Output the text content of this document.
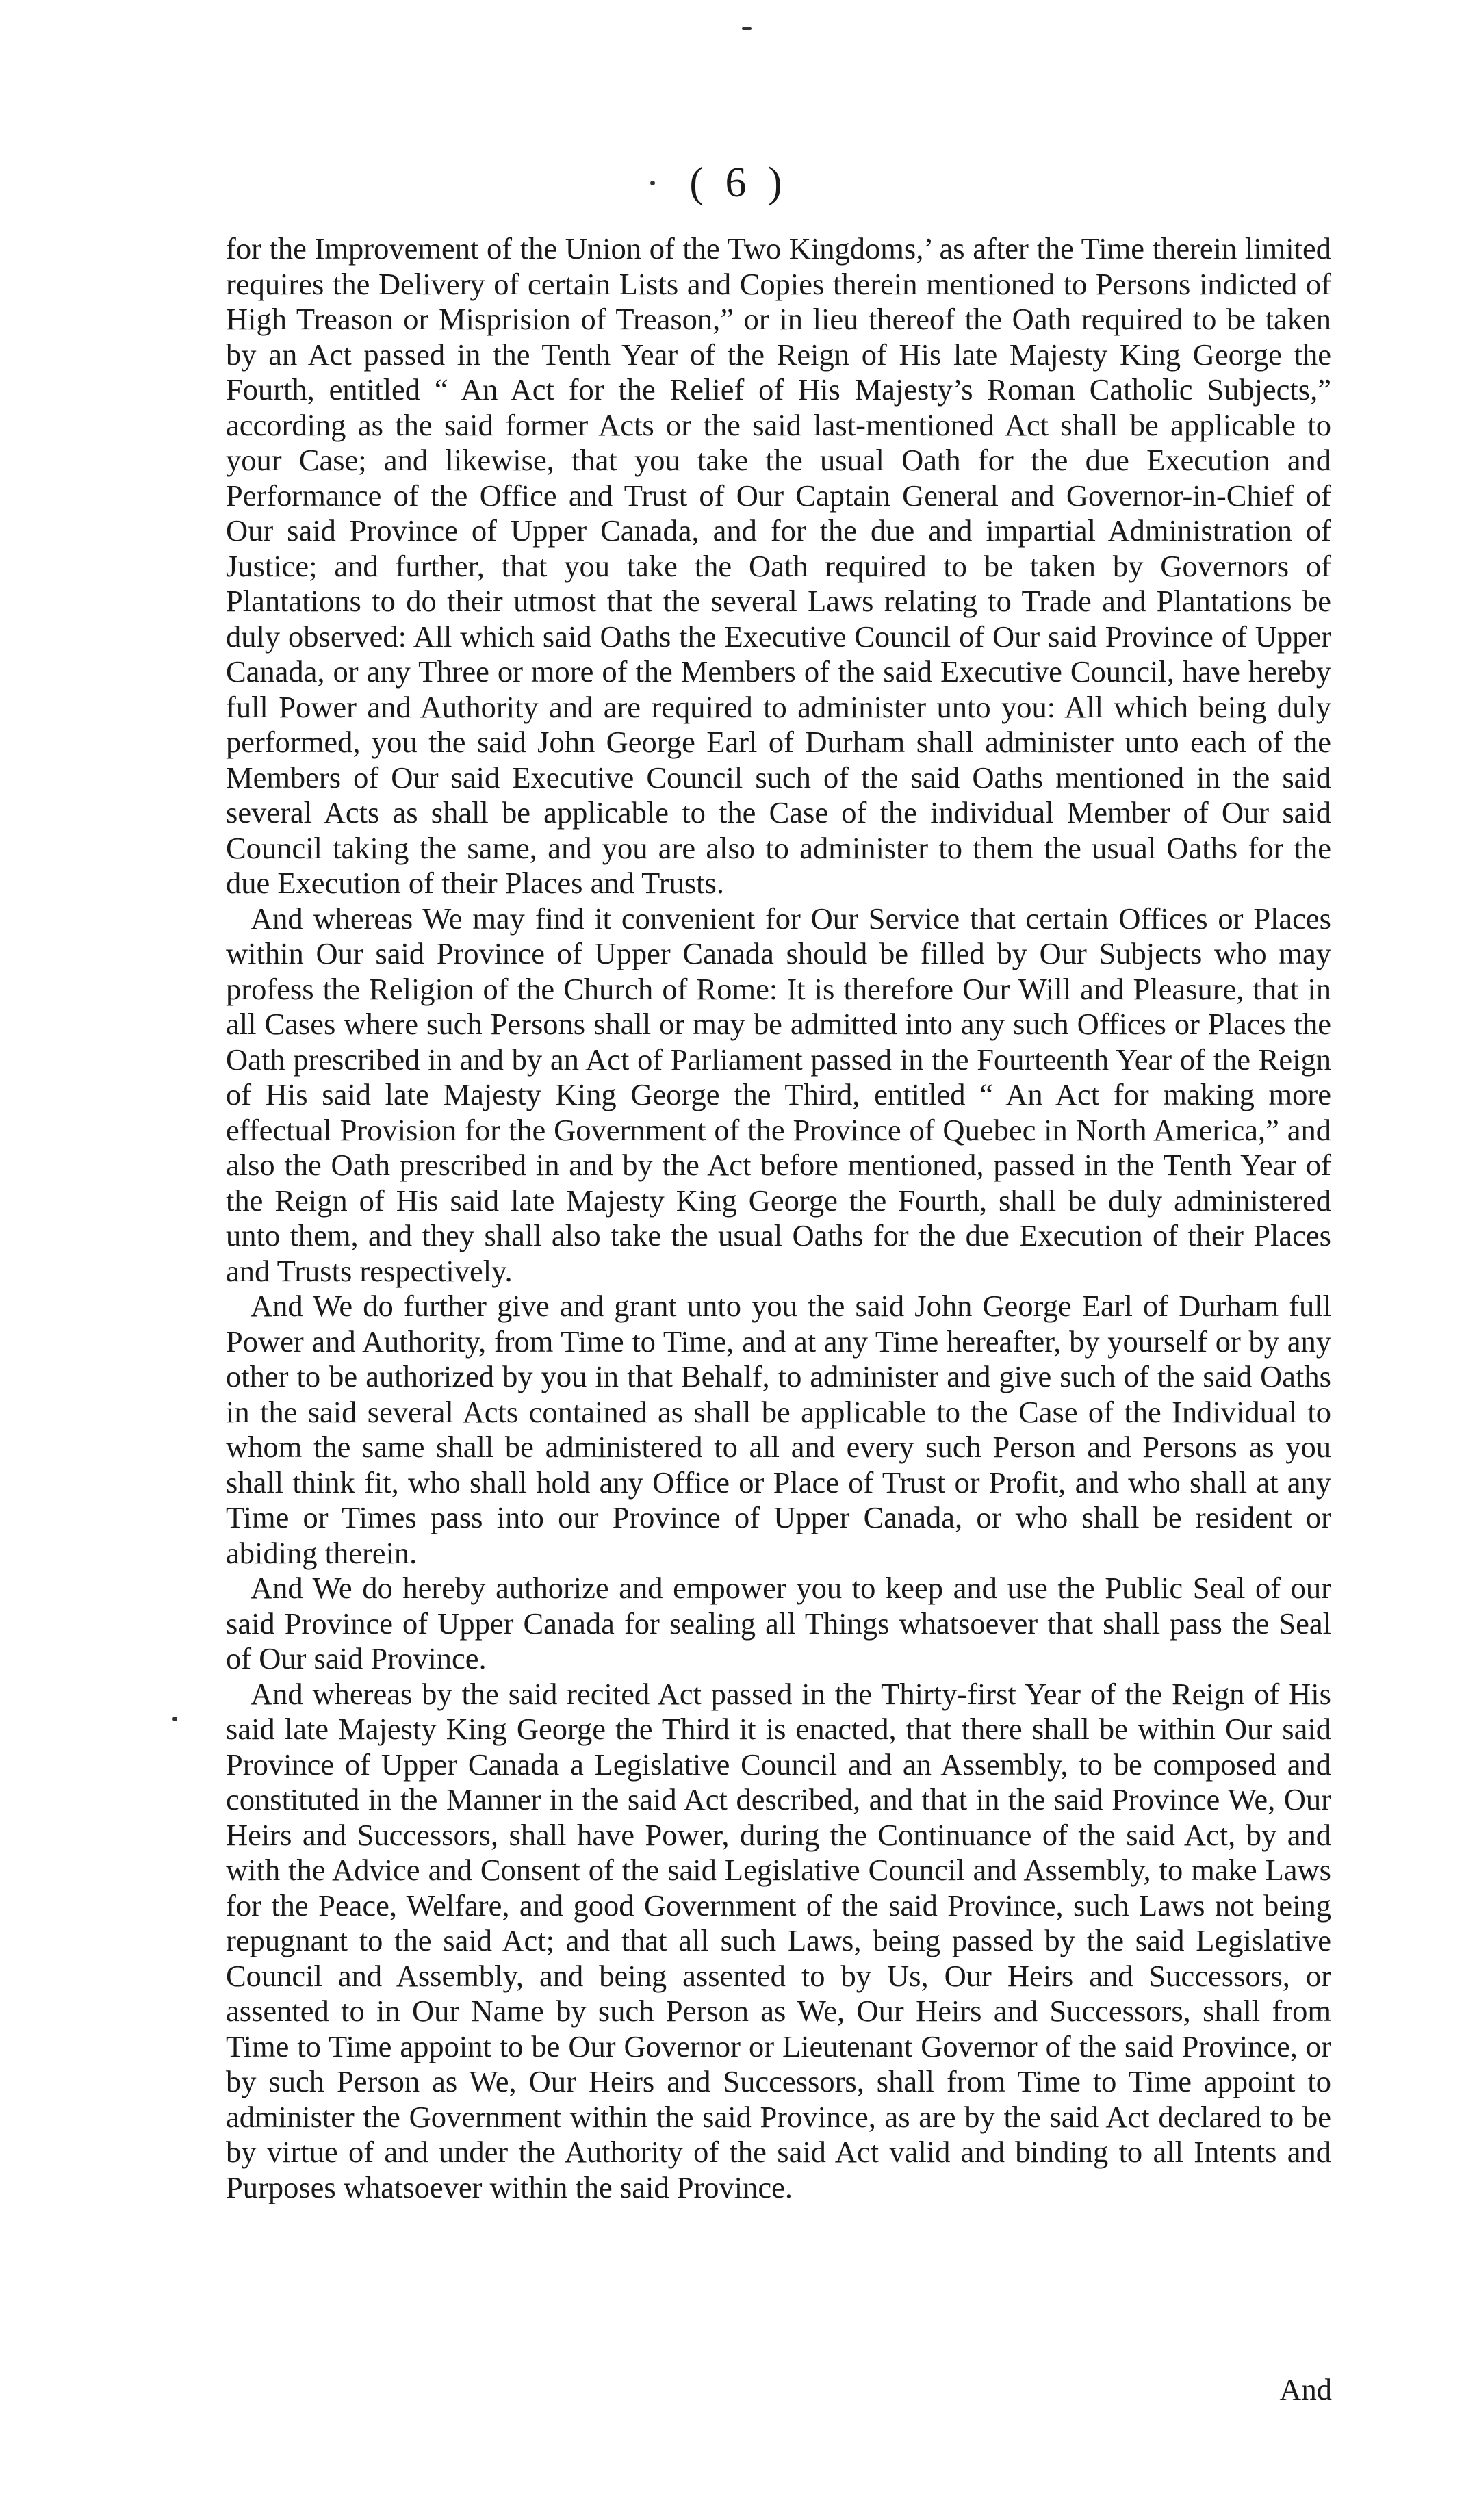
( 6 )

for the Improvement of the Union of the Two Kingdoms,’ as after the Time therein limited requires the Delivery of certain Lists and Copies therein mentioned to Persons indicted of High Treason or Misprision of Treason,” or in lieu thereof the Oath required to be taken by an Act passed in the Tenth Year of the Reign of His late Majesty King George the Fourth, entitled “ An Act for the Relief of His Majesty’s Roman Catholic Subjects,” according as the said former Acts or the said last-mentioned Act shall be applicable to your Case; and likewise, that you take the usual Oath for the due Execution and Performance of the Office and Trust of Our Captain General and Governor-in-Chief of Our said Province of Upper Canada, and for the due and impartial Administration of Justice; and further, that you take the Oath required to be taken by Governors of Plantations to do their utmost that the several Laws relating to Trade and Plantations be duly observed: All which said Oaths the Executive Council of Our said Province of Upper Canada, or any Three or more of the Members of the said Executive Council, have hereby full Power and Authority and are required to administer unto you: All which being duly performed, you the said John George Earl of Durham shall administer unto each of the Members of Our said Executive Council such of the said Oaths mentioned in the said several Acts as shall be applicable to the Case of the individual Member of Our said Council taking the same, and you are also to administer to them the usual Oaths for the due Execution of their Places and Trusts.

And whereas We may find it convenient for Our Service that certain Offices or Places within Our said Province of Upper Canada should be filled by Our Subjects who may profess the Religion of the Church of Rome: It is therefore Our Will and Pleasure, that in all Cases where such Persons shall or may be admitted into any such Offices or Places the Oath prescribed in and by an Act of Parliament passed in the Fourteenth Year of the Reign of His said late Majesty King George the Third, entitled “ An Act for making more effectual Provision for the Government of the Province of Quebec in North America,” and also the Oath prescribed in and by the Act before mentioned, passed in the Tenth Year of the Reign of His said late Majesty King George the Fourth, shall be duly administered unto them, and they shall also take the usual Oaths for the due Execution of their Places and Trusts respectively.

And We do further give and grant unto you the said John George Earl of Durham full Power and Authority, from Time to Time, and at any Time hereafter, by yourself or by any other to be authorized by you in that Behalf, to administer and give such of the said Oaths in the said several Acts contained as shall be applicable to the Case of the Individual to whom the same shall be administered to all and every such Person and Persons as you shall think fit, who shall hold any Office or Place of Trust or Profit, and who shall at any Time or Times pass into our Province of Upper Canada, or who shall be resident or abiding therein.

And We do hereby authorize and empower you to keep and use the Public Seal of our said Province of Upper Canada for sealing all Things whatsoever that shall pass the Seal of Our said Province.

And whereas by the said recited Act passed in the Thirty-first Year of the Reign of His said late Majesty King George the Third it is enacted, that there shall be within Our said Province of Upper Canada a Legislative Council and an Assembly, to be composed and constituted in the Manner in the said Act described, and that in the said Province We, Our Heirs and Successors, shall have Power, during the Continuance of the said Act, by and with the Advice and Consent of the said Legislative Council and Assembly, to make Laws for the Peace, Welfare, and good Government of the said Province, such Laws not being repugnant to the said Act; and that all such Laws, being passed by the said Legislative Council and Assembly, and being assented to by Us, Our Heirs and Successors, or assented to in Our Name by such Person as We, Our Heirs and Successors, shall from Time to Time appoint to be Our Governor or Lieutenant Governor of the said Province, or by such Person as We, Our Heirs and Successors, shall from Time to Time appoint to administer the Government within the said Province, as are by the said Act declared to be by virtue of and under the Authority of the said Act valid and binding to all Intents and Purposes whatsoever within the said Province.

And
